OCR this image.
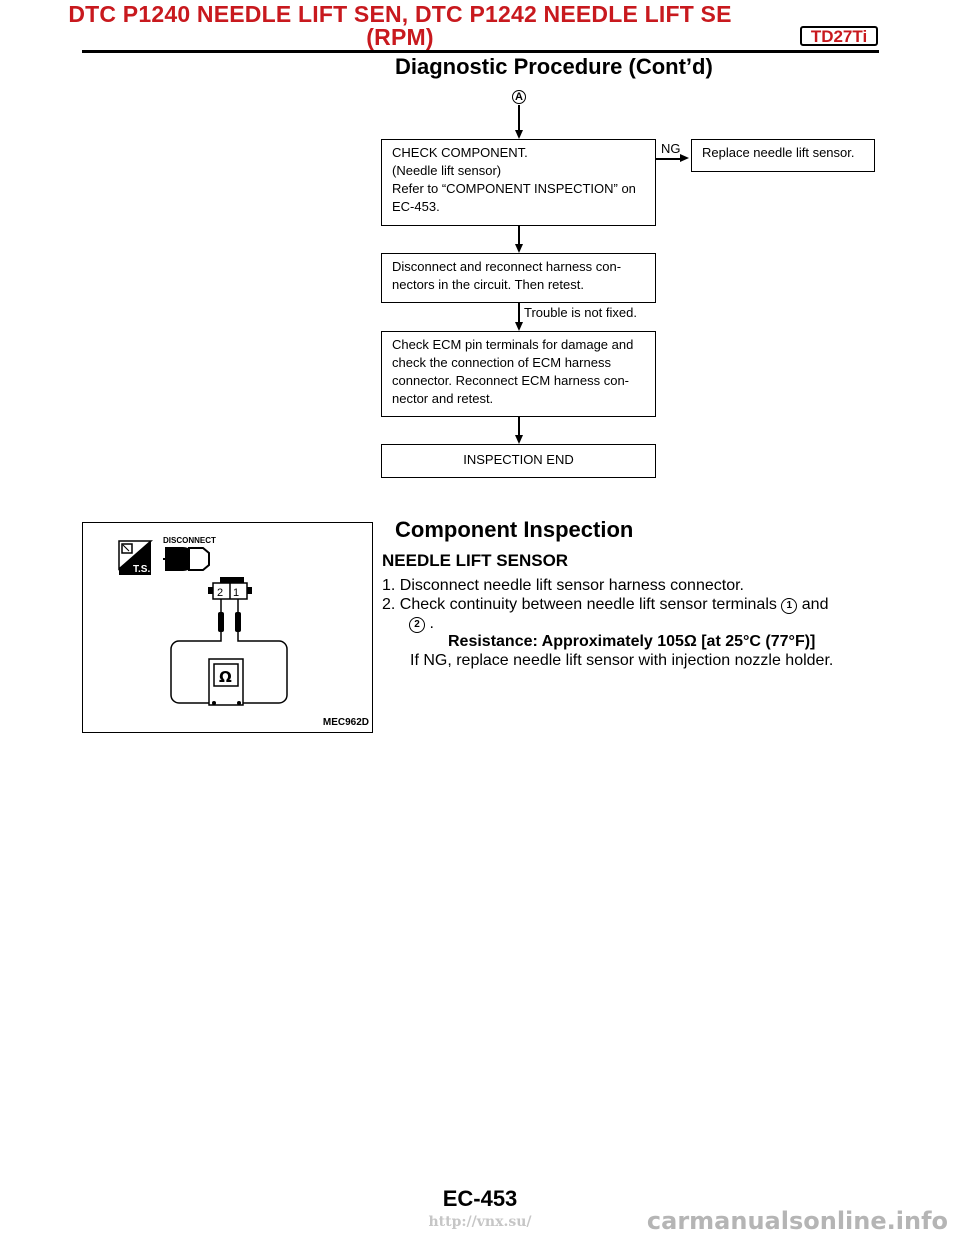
DTC P1240 NEEDLE LIFT SEN, DTC P1242 NEEDLE LIFT SE
(RPM)	TD27Ti
Diagnostic Procedure (Cont’d)
A
CHECK COMPONENT.
(Needle lift sensor)
Refer to “COMPONENT INSPECTION” on
EC-453.
NG	Replace needle lift sensor.
Disconnect and reconnect harness con-
nectors in the circuit. Then retest.
Trouble is not fixed.
Check ECM pin terminals for damage and
check the connection of ECM harness
connector. Reconnect ECM harness con-
nector and retest.
INSPECTION END
T.S.
DISCONNECT
2 1
Ω
MEC962D
Component Inspection
NEEDLE LIFT SENSOR
1. Disconnect needle lift sensor harness connector.
2. Check continuity between needle lift sensor terminals 1 and
2 .
Resistance: Approximately 105Ω [at 25°C (77°F)]
If NG, replace needle lift sensor with injection nozzle holder.
EC-453
http://vnx.su/	carmanualsonline.info
